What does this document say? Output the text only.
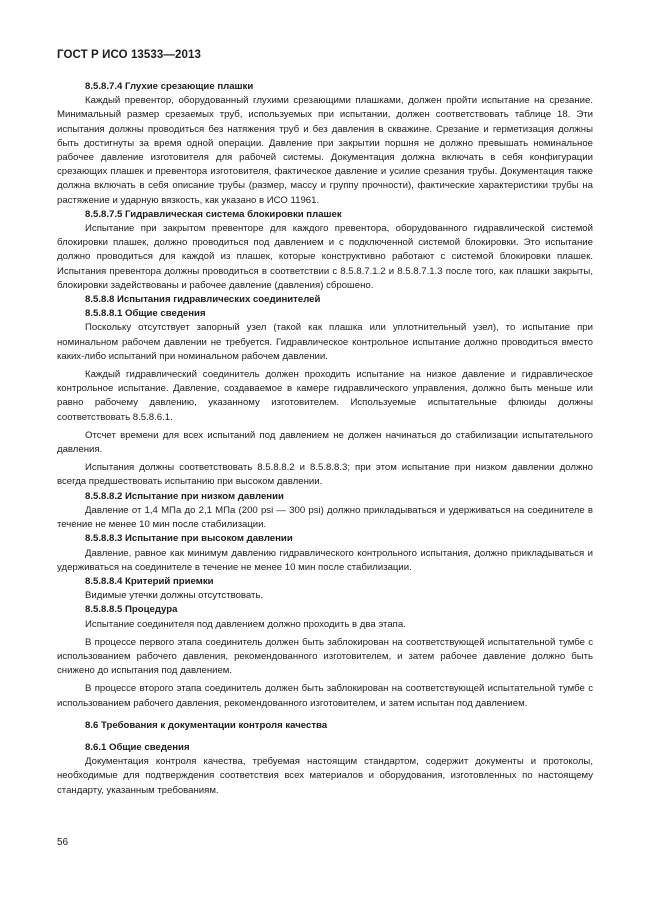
ГОСТ Р ИСО 13533—2013

8.5.8.7.4 Глухие срезающие плашки

Каждый превентор, оборудованный глухими срезающими плашками, должен пройти испытание на срезание. Минимальный размер срезаемых труб, используемых при испытании, должен соответствовать таблице 18. Эти испытания должны проводиться без натяжения труб и без давления в скважине. Срезание и герметизация должны быть достигнуты за время одной операции. Давление при закрытии поршня не должно превышать номинальное рабочее давление изготовителя для рабочей системы. Документация должна включать в себя конфигурации срезающих плашек и превентора изготовителя, фактическое давление и усилие срезания трубы. Документация также должна включать в себя описание трубы (размер, массу и группу прочности), фактические характеристики трубы на растяжение и ударную вязкость, как указано в ИСО 11961.

8.5.8.7.5 Гидравлическая система блокировки плашек

Испытание при закрытом превенторе для каждого превентора, оборудованного гидравлической системой блокировки плашек, должно проводиться под давлением и с подключенной системой блокировки. Это испытание должно проводиться для каждой из плашек, которые конструктивно работают с системой блокировки плашек. Испытания превентора должны проводиться в соответствии с 8.5.8.7.1.2 и 8.5.8.7.1.3 после того, как плашки закрыты, блокировки задействованы и рабочее давление (давления) сброшено.

8.5.8.8 Испытания гидравлических соединителей

8.5.8.8.1 Общие сведения

Поскольку отсутствует запорный узел (такой как плашка или уплотнительный узел), то испытание при номинальном рабочем давлении не требуется. Гидравлическое контрольное испытание должно проводиться вместо каких-либо испытаний при номинальном рабочем давлении.

Каждый гидравлический соединитель должен проходить испытание на низкое давление и гидравлическое контрольное испытание. Давление, создаваемое в камере гидравлического управления, должно быть меньше или равно рабочему давлению, указанному изготовителем. Используемые испытательные флюиды должны соответствовать 8.5.8.6.1.

Отсчет времени для всех испытаний под давлением не должен начинаться до стабилизации испытательного давления.

Испытания должны соответствовать 8.5.8.8.2 и 8.5.8.8.3; при этом испытание при низком давлении должно всегда предшествовать испытанию при высоком давлении.

8.5.8.8.2 Испытание при низком давлении

Давление от 1,4 МПа до 2,1 МПа (200 psi — 300 psi) должно прикладываться и удерживаться на соединителе в течение не менее 10 мин после стабилизации.

8.5.8.8.3 Испытание при высоком давлении

Давление, равное как минимум давлению гидравлического контрольного испытания, должно прикладываться и удерживаться на соединителе в течение не менее 10 мин после стабилизации.

8.5.8.8.4 Критерий приемки

Видимые утечки должны отсутствовать.

8.5.8.8.5 Процедура

Испытание соединителя под давлением должно проходить в два этапа.

В процессе первого этапа соединитель должен быть заблокирован на соответствующей испытательной тумбе с использованием рабочего давления, рекомендованного изготовителем, и затем рабочее давление должно быть снижено до испытания под давлением.

В процессе второго этапа соединитель должен быть заблокирован на соответствующей испытательной тумбе с использованием рабочего давления, рекомендованного изготовителем, и затем испытан под давлением.

8.6 Требования к документации контроля качества

8.6.1 Общие сведения

Документация контроля качества, требуемая настоящим стандартом, содержит документы и протоколы, необходимые для подтверждения соответствия всех материалов и оборудования, изготовленных по настоящему стандарту, указанным требованиям.

56
